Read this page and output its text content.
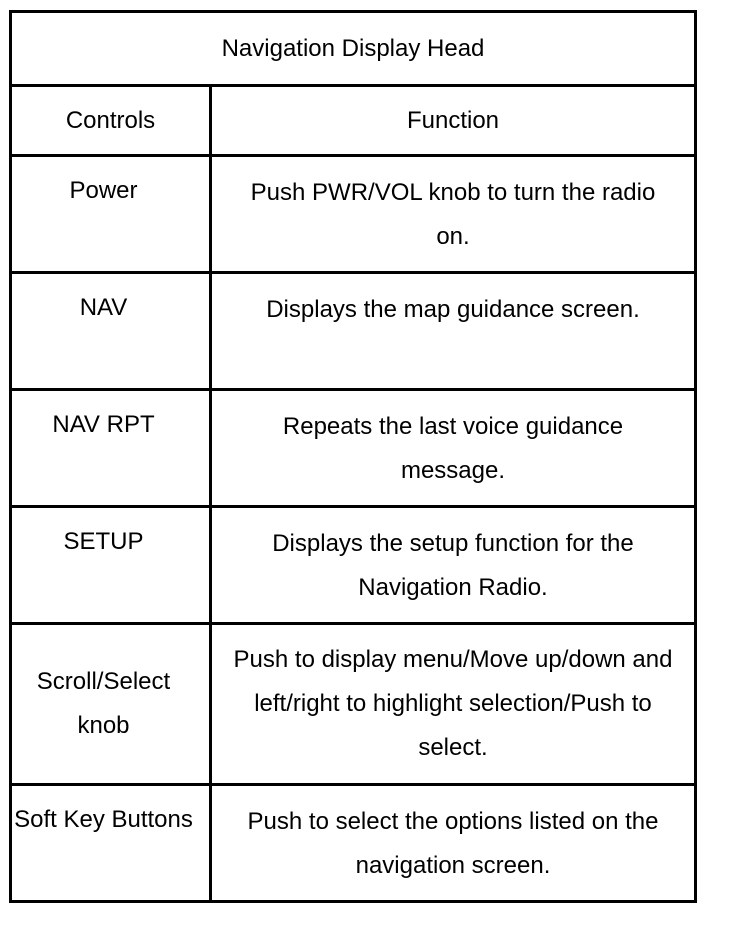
Navigation Display Head	
Controls	Function

Power	Push PWR/VOL knob to turn the radio on.

NAV	Displays the map guidance screen.

NAV RPT	Repeats the last voice guidance message.

SETUP	Displays the setup function for the Navigation Radio.

Scroll/Select knob	Push to display menu/Move up/down and left/right to highlight selection/Push to select.

Soft Key Buttons	Push to select the options listed on the navigation screen.
